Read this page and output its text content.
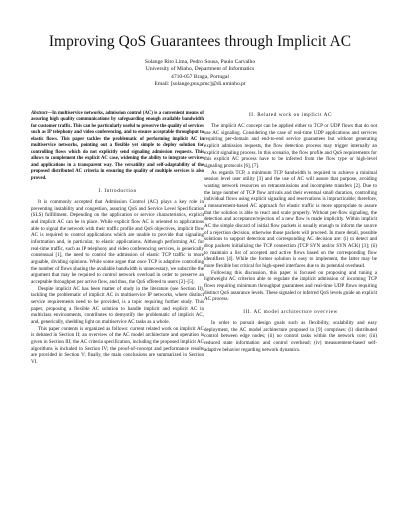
Improving QoS Guarantees through Implicit AC
Solange Rito Lima, Pedro Sousa, Paulo Carvalho
University of Minho, Department of Informatics
4710-057 Braga, Portugal
Email: [solange,pns,pmc]@di.uminho.pt
Abstract—In multiservice networks, admission control (AC) is a convenient means of assuring high quality communications by safeguarding enough available bandwidth for customer traffic. This can be particularly useful to preserve the quality of services such as IP telephony and video conferencing, and to ensure acceptable throughput to elastic flows. This paper tackles the problematic of performing implicit AC in multiservice networks, pointing out a flexible yet simple to deploy solution for controlling flows which do not explicitly send signaling admission requests. This allows to complement the explicit AC case, widening the ability to integrate services and applications in a transparent way. The versatility and self-adaptability of the proposed distributed AC criteria in ensuring the quality of multiple services is also proved.
I. Introduction

It is commonly accepted that Admission Control (AC) plays a key role in preventing instability and congestion, assuring QoS and Service Level Specification (SLS) fulfillment. Depending on the application or service characteristics, explicit and implicit AC can be in place. While explicit flow AC is oriented to applications able to signal the network with their traffic profile and QoS objectives, implicit flow AC is required to control applications which are unable to provide that signaling information and, in particular, to elastic applications. Although performing AC for real-time traffic, such as IP telephony and video conferencing services, is generically consensual [1], the need to control the admission of elastic TCP traffic is more arguable, dividing opinions. While some argue that once TCP is adaptive controlling the number of flows sharing the available bandwidth is unnecessary, we subscribe the argument that may be required to control network overload in order to preserve an acceptable throughput per active flow, and thus, the QoS offered to users [2]–[5].

Despite implicit AC has been matter of study in the literature (see Section II), tackling the problematic of implicit AC in multiservice IP networks, where distinct service requirements need to be provided, is a topic requiring further study. This paper, proposing a flexible AC solution to handle implicit and explicit AC in multiclass environments, contributes to demystify the problematic of implicit AC, and, generically, shedding light on multiservice AC tasks as a whole.

This paper contents is organized as follows: current related work on implicit AC is debated in Section II; an overview of the AC model architecture and operation is given in Section III; the AC criteria specification, including the proposed implicit AC algorithms is included in Section IV; the proof-of-concept and performance results are provided in Section V; finally, the main conclusions are summarized in Section VI.

II. Related work on implicit AC

The implicit AC concept can be applied either to TCP or UDP flows that do not use AC signaling. Considering the case of real-time UDP applications and services requiring per-domain and end-to-end service guarantees but without generating explicit admission requests, the flow detection process may trigger internally an explicit signaling process. In this scenario, the flow profile and QoS requirements for this explicit AC process have to be inferred from the flow type or high-level signaling protocols [6], [7].

As regards TCP, a minimum TCP bandwidth is required to achieve a minimal session level user utility [3] and the use of AC will assure that purpose, avoiding wasting network resources on retransmissions and incomplete transfers [2]. Due to the large number of TCP flow arrivals and their eventual small duration, controlling individual flows using explicit signaling and reservations is impracticable; therefore, a measurement-based AC approach for elastic traffic is more appropriate to assure that the solution is able to react and scale properly. Without per-flow signaling, the detection and acceptance/rejection of a new flow is made implicitly. Within implicit AC the simple discard of initial flow packets is usually enough to inform the source of a rejection decision, otherwise those packets will proceed. In more detail, possible solutions to support detection and corresponding AC decision are: (i) to detect and drop packets initializing the TCP connection (TCP SYN and/or SYN ACK) [3]; (ii) to maintain a list of accepted and active flows based on the corresponding flow identifiers [4]. While the former solution is easy to implement, the latter may be more flexible but critical for high-speed interfaces due to its potential overhead.

Following this discussion, this paper is focused on proposing and tuning a lightweight AC criterion able to regulate the implicit admission of incoming TCP flows requiring minimum throughput guarantees and real-time UDP flows requiring distinct QoS assurance levels. These signaled or inferred QoS levels guide an explicit AC process.

III. AC model architecture overview

In order to pursuit design goals such as flexibility, scalability and easy deployment, the AC model architecture proposed in [9] comprises: (i) distributed control between edge nodes; (ii) no control tasks within the network core; (iii) reduced state information and control overhead; (iv) measurement-based self-adaptive behavior regarding network dynamics.
